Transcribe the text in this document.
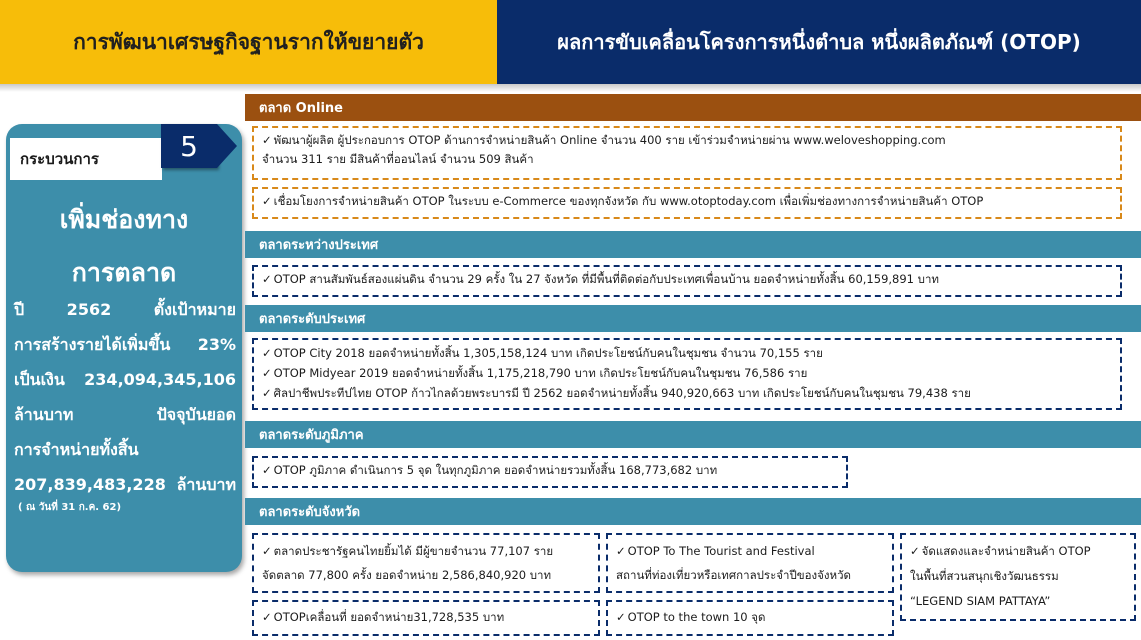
การพัฒนาเศรษฐกิจฐานรากให้ขยายตัว	ผลการขับเคลื่อนโครงการหนึ่งตำบล หนึ่งผลิตภัณฑ์ (OTOP)
กระบวนการ	5
เพิ่มช่องทาง
การตลาด
ปี 2562 ตั้งเป้าหมาย
การสร้างรายได้เพิ่มขึ้น 23%
เป็นเงิน 234,094,345,106
ล้านบาท ปัจจุบันยอด
การจำหน่ายทั้งสิ้น
207,839,483,228 ล้านบาท
( ณ วันที่ 31 ก.ค. 62)
ตลาด Online
✓ พัฒนาผู้ผลิต ผู้ประกอบการ OTOP ด้านการจำหน่ายสินค้า Online จำนวน 400 ราย เข้าร่วมจำหน่ายผ่าน www.weloveshopping.com
จำนวน 311 ราย มีสินค้าที่ออนไลน์ จำนวน 509 สินค้า
✓ เชื่อมโยงการจำหน่ายสินค้า OTOP ในระบบ e-Commerce ของทุกจังหวัด กับ www.otoptoday.com เพื่อเพิ่มช่องทางการจำหน่ายสินค้า OTOP
ตลาดระหว่างประเทศ
✓ OTOP สานสัมพันธ์สองแผ่นดิน จำนวน 29 ครั้ง ใน 27 จังหวัด ที่มีพื้นที่ติดต่อกับประเทศเพื่อนบ้าน ยอดจำหน่ายทั้งสิ้น 60,159,891 บาท
ตลาดระดับประเทศ
✓ OTOP City 2018 ยอดจำหน่ายทั้งสิ้น 1,305,158,124 บาท เกิดประโยชน์กับคนในชุมชน จำนวน 70,155 ราย
✓ OTOP Midyear 2019 ยอดจำหน่ายทั้งสิ้น 1,175,218,790 บาท เกิดประโยชน์กับคนในชุมชน 76,586 ราย
✓ ศิลปาชีพประทีปไทย OTOP ก้าวไกลด้วยพระบารมี ปี 2562 ยอดจำหน่ายทั้งสิ้น 940,920,663 บาท เกิดประโยชน์กับคนในชุมชน 79,438 ราย
ตลาดระดับภูมิภาค
✓ OTOP ภูมิภาค ดำเนินการ 5 จุด ในทุกภูมิภาค ยอดจำหน่ายรวมทั้งสิ้น 168,773,682 บาท
ตลาดระดับจังหวัด
✓ ตลาดประชารัฐคนไทยยิ้มได้ มีผู้ขายจำนวน 77,107 ราย
จัดตลาด 77,800 ครั้ง ยอดจำหน่าย 2,586,840,920 บาท
✓ OTOP To The Tourist and Festival
สถานที่ท่องเที่ยวหรือเทศกาลประจำปีของจังหวัด
✓ จัดแสดงและจำหน่ายสินค้า OTOP
ในพื้นที่สวนสนุกเชิงวัฒนธรรม
“LEGEND SIAM PATTAYA”
✓ OTOPเคลื่อนที่ ยอดจำหน่าย31,728,535 บาท	✓ OTOP to the town 10 จุด
